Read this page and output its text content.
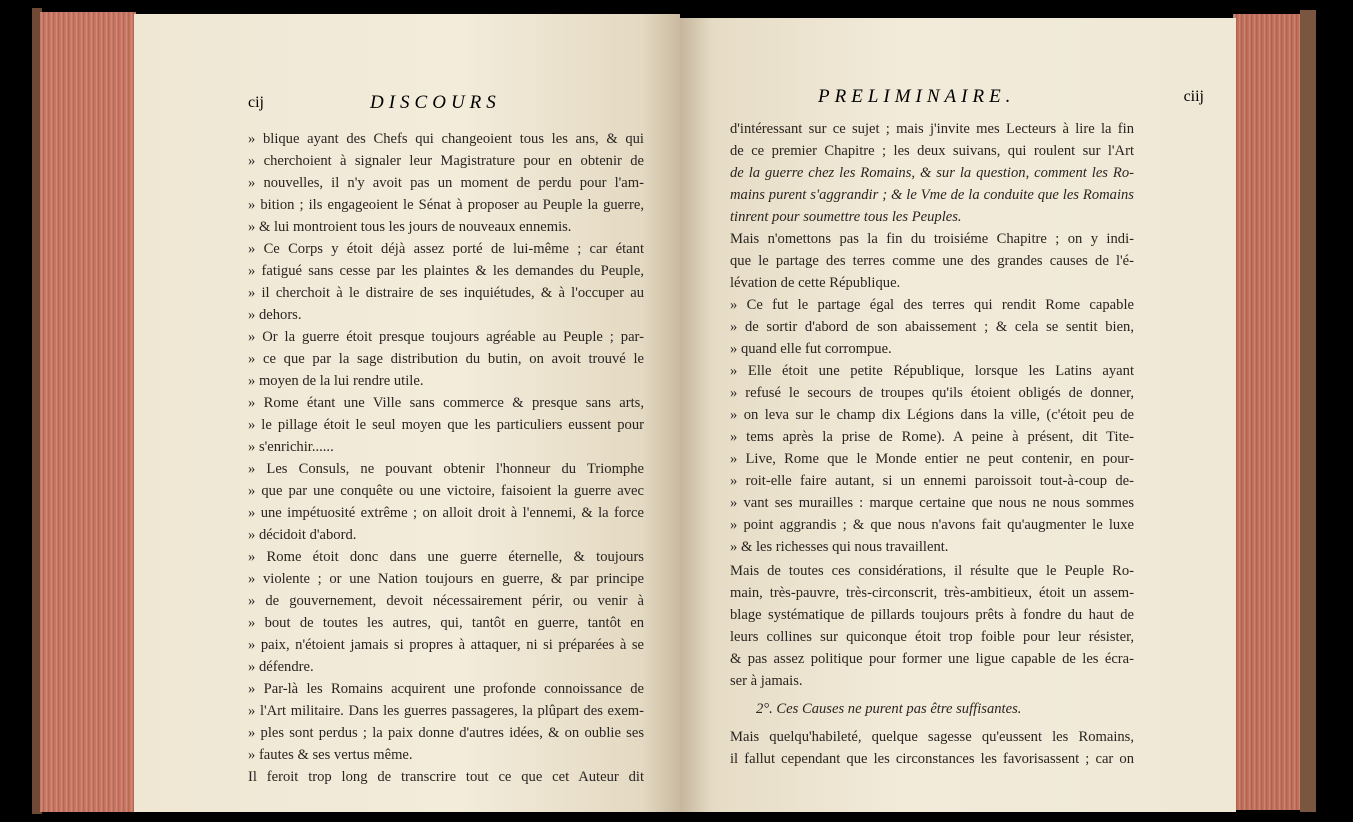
cij	DISCOURS
» blique ayant des Chefs qui changeoient tous les ans, & qui
» cherchoient à signaler leur Magistrature pour en obtenir de
» nouvelles, il n'y avoit pas un moment de perdu pour l'am-
» bition ; ils engageoient le Sénat à proposer au Peuple la guerre,
» & lui montroient tous les jours de nouveaux ennemis.
» Ce Corps y étoit déjà assez porté de lui-même ; car étant
» fatigué sans cesse par les plaintes & les demandes du Peuple,
» il cherchoit à le distraire de ses inquiétudes, & à l'occuper au
» dehors.
» Or la guerre étoit presque toujours agréable au Peuple ; par-
» ce que par la sage distribution du butin, on avoit trouvé le
» moyen de la lui rendre utile.
» Rome étant une Ville sans commerce & presque sans arts,
» le pillage étoit le seul moyen que les particuliers eussent pour
» s'enrichir......
» Les Consuls, ne pouvant obtenir l'honneur du Triomphe
» que par une conquête ou une victoire, faisoient la guerre avec
» une impétuosité extrême ; on alloit droit à l'ennemi, & la force
» décidoit d'abord.
» Rome étoit donc dans une guerre éternelle, & toujours
» violente ; or une Nation toujours en guerre, & par principe
» de gouvernement, devoit nécessairement périr, ou venir à
» bout de toutes les autres, qui, tantôt en guerre, tantôt en
» paix, n'étoient jamais si propres à attaquer, ni si préparées à se
» défendre.
» Par-là les Romains acquirent une profonde connoissance de
» l'Art militaire. Dans les guerres passageres, la plûpart des exem-
» ples sont perdus ; la paix donne d'autres idées, & on oublie ses
» fautes & ses vertus même.
Il feroit trop long de transcrire tout ce que cet Auteur dit
PRELIMINAIRE.	ciij
d'intéressant sur ce sujet ; mais j'invite mes Lecteurs à lire la fin
de ce premier Chapitre ; les deux suivans, qui roulent sur l'Art
de la guerre chez les Romains, & sur la question, comment les Ro-
mains purent s'aggrandir ; & le Vme de la conduite que les Romains
tinrent pour soumettre tous les Peuples.
Mais n'omettons pas la fin du troisiéme Chapitre ; on y indi-
que le partage des terres comme une des grandes causes de l'é-
lévation de cette République.
» Ce fut le partage égal des terres qui rendit Rome capable
» de sortir d'abord de son abaissement ; & cela se sentit bien,
» quand elle fut corrompue.
» Elle étoit une petite République, lorsque les Latins ayant
» refusé le secours de troupes qu'ils étoient obligés de donner,
» on leva sur le champ dix Légions dans la ville, (c'étoit peu de
» tems après la prise de Rome). A peine à présent, dit Tite-
» Live, Rome que le Monde entier ne peut contenir, en pour-
» roit-elle faire autant, si un ennemi paroissoit tout-à-coup de-
» vant ses murailles : marque certaine que nous ne nous sommes
» point aggrandis ; & que nous n'avons fait qu'augmenter le luxe
» & les richesses qui nous travaillent.
Mais de toutes ces considérations, il résulte que le Peuple Ro-
main, très-pauvre, très-circonscrit, très-ambitieux, étoit un assem-
blage systématique de pillards toujours prêts à fondre du haut de
leurs collines sur quiconque étoit trop foible pour leur résister,
& pas assez politique pour former une ligue capable de les écra-
ser à jamais.
2°. Ces Causes ne purent pas être suffisantes.
Mais quelqu'habileté, quelque sagesse qu'eussent les Romains,
il fallut cependant que les circonstances les favorisassent ; car on
